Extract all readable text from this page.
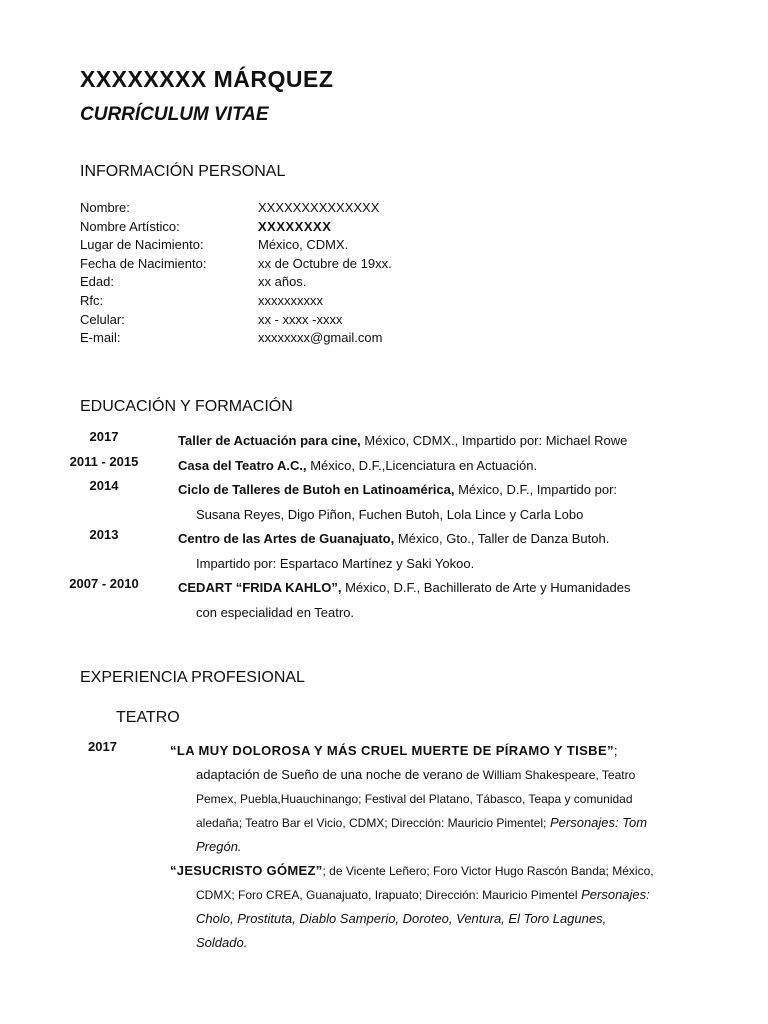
XXXXXXXX MÁRQUEZ
CURRÍCULUM VITAE
INFORMACIÓN PERSONAL
Nombre:	XXXXXXXXXXXXXX
Nombre Artístico:	XXXXXXXX
Lugar de Nacimiento:	México, CDMX.
Fecha de Nacimiento:	xx de Octubre de 19xx.
Edad:	xx años.
Rfc:	xxxxxxxxxx
Celular:	xx - xxxx -xxxx
E-mail:	xxxxxxxx@gmail.com
EDUCACIÓN Y FORMACIÓN
2017	Taller de Actuación para cine, México, CDMX., Impartido por: Michael Rowe
2011 - 2015	Casa del Teatro A.C., México, D.F.,Licenciatura en Actuación.
2014	Ciclo de Talleres de Butoh en Latinoamérica, México, D.F., Impartido por:
Susana Reyes, Digo Piñon, Fuchen Butoh, Lola Lince y Carla Lobo
2013	Centro de las Artes de Guanajuato, México, Gto., Taller de Danza Butoh.
Impartido por: Espartaco Martínez y Saki Yokoo.
2007 - 2010	CEDART “FRIDA KAHLO”, México, D.F., Bachillerato de Arte y Humanidades
con especialidad en Teatro.
EXPERIENCIA PROFESIONAL
TEATRO
2017	“LA MUY DOLOROSA Y MÁS CRUEL MUERTE DE PÍRAMO Y TISBE”;
adaptación de Sueño de una noche de verano de William Shakespeare, Teatro
Pemex, Puebla,Huauchinango; Festival del Platano, Tábasco, Teapa y comunidad
aledaña; Teatro Bar el Vicio, CDMX; Dirección: Mauricio Pimentel; Personajes: Tom
Pregón.
“JESUCRISTO GÓMEZ”; de Vicente Leñero; Foro Victor Hugo Rascón Banda; México,
CDMX; Foro CREA, Guanajuato, Irapuato; Dirección: Mauricio Pimentel Personajes:
Cholo, Prostituta, Diablo Samperio, Doroteo, Ventura, El Toro Lagunes,
Soldado.
